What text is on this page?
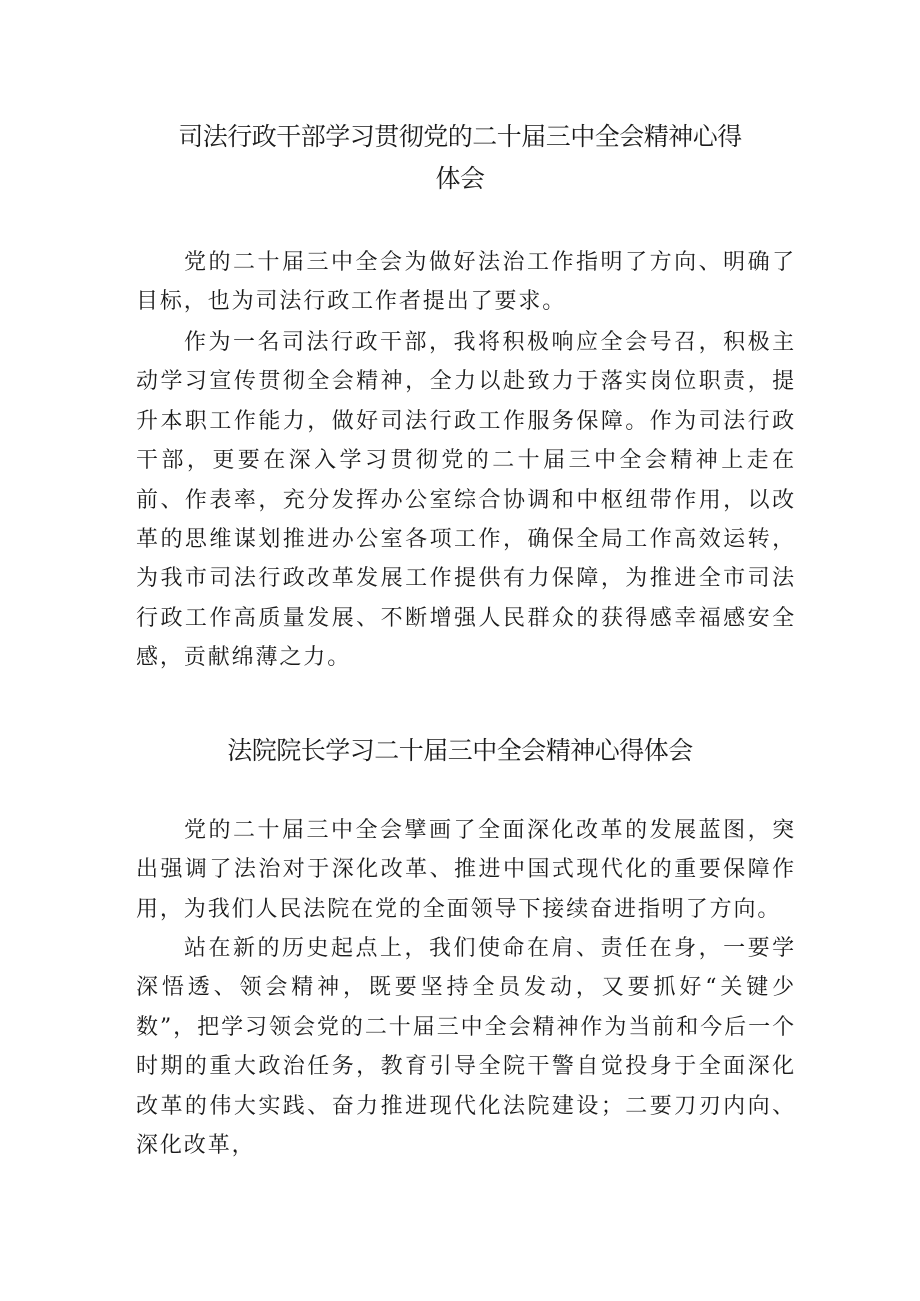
司法行政干部学习贯彻党的二十届三中全会精神心得
体会

党的二十届三中全会为做好法治工作指明了方向、明确了目标，也为司法行政工作者提出了要求。

作为一名司法行政干部，我将积极响应全会号召，积极主动学习宣传贯彻全会精神，全力以赴致力于落实岗位职责，提升本职工作能力，做好司法行政工作服务保障。作为司法行政干部，更要在深入学习贯彻党的二十届三中全会精神上走在前、作表率，充分发挥办公室综合协调和中枢纽带作用，以改革的思维谋划推进办公室各项工作，确保全局工作高效运转，为我市司法行政改革发展工作提供有力保障，为推进全市司法行政工作高质量发展、不断增强人民群众的获得感幸福感安全感，贡献绵薄之力。

法院院长学习二十届三中全会精神心得体会

党的二十届三中全会擘画了全面深化改革的发展蓝图，突出强调了法治对于深化改革、推进中国式现代化的重要保障作用，为我们人民法院在党的全面领导下接续奋进指明了方向。

站在新的历史起点上，我们使命在肩、责任在身，一要学深悟透、领会精神，既要坚持全员发动，又要抓好“关键少数”，把学习领会党的二十届三中全会精神作为当前和今后一个时期的重大政治任务，教育引导全院干警自觉投身于全面深化改革的伟大实践、奋力推进现代化法院建设；二要刀刃内向、深化改革，
